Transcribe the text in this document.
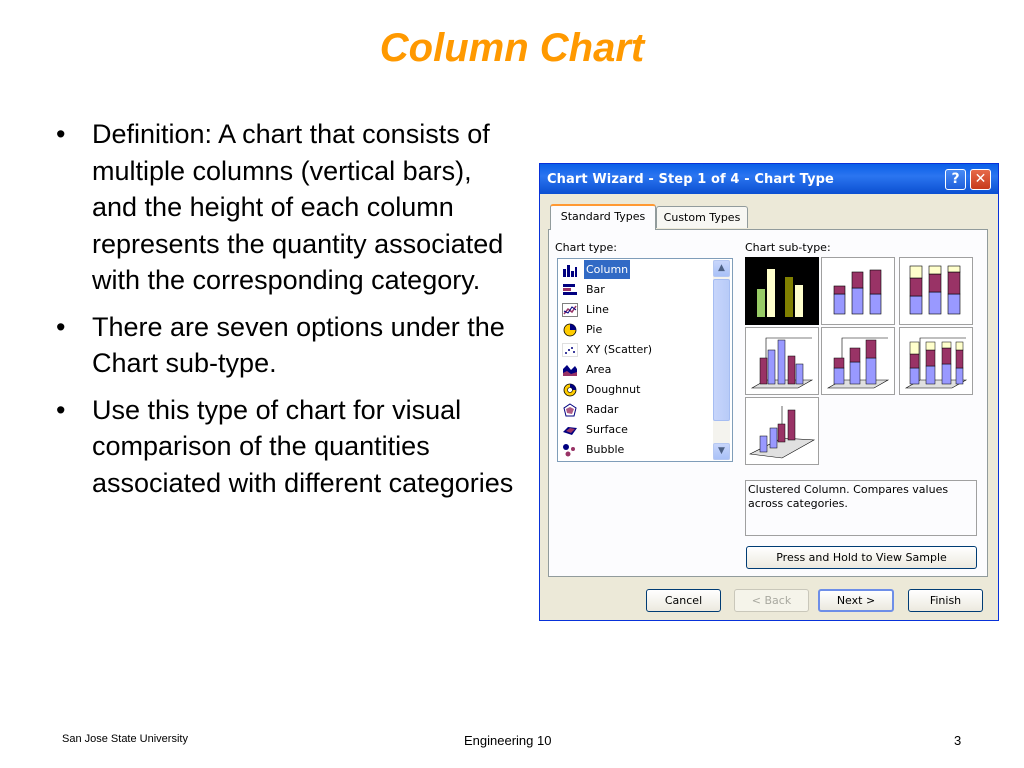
Column Chart
• Definition: A chart that consists of multiple columns (vertical bars), and the height of each column represents the quantity associated with the corresponding category.
• There are seven options under the Chart sub-type.
• Use this type of chart for visual comparison of the quantities associated with different categories
Chart Wizard - Step 1 of 4 - Chart Type	?	✕
Standard Types	Custom Types
Chart type:	Chart sub-type:
Column
Bar
Line
Pie
XY (Scatter)
Area
Doughnut
Radar
Surface
Bubble
▲
▼
Clustered Column. Compares values across categories.
Press and Hold to View Sample
Cancel	< Back	Next >	Finish
San Jose State University	Engineering 10	3
